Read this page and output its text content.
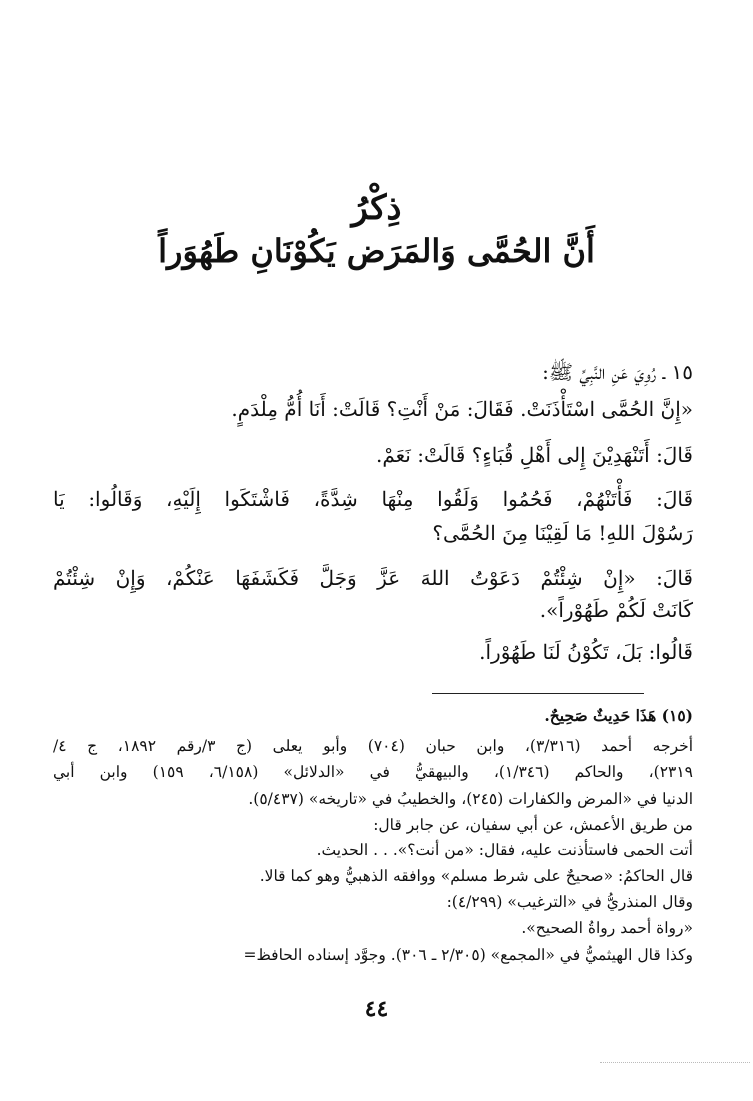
ذِكْرُ
أَنَّ الحُمَّى وَالمَرَض يَكُوْنَانِ طَهُوَراً
١٥ ـ رُوِيَ عَنِ النَّبِيِّ ﷺ:
«إِنَّ الحُمَّى اسْتَأْذَنَتْ. فَقَالَ: مَنْ أَنْتِ؟ قَالَتْ: أَنَا أُمُّ مِلْدَمٍ.
قَالَ: أَتَنْهَدِيْنَ إِلى أَهْلِ قُبَاءٍ؟ قَالَتْ: نَعَمْ.
قَالَ: فَأْتَنْهُمْ، فَحُمُوا وَلَقُوا مِنْهَا شِدَّةً، فَاشْتَكَوا إِلَيْهِ، وَقَالُوا: يَا
رَسُوْلَ اللهِ! مَا لَقِيْنَا مِنَ الحُمَّى؟
قَالَ: «إِنْ شِئْتُمْ دَعَوْتُ اللهَ عَزَّ وَجَلَّ فَكَشَفَهَا عَنْكُمْ، وَإِنْ شِئْتُمْ
كَانَتْ لَكُمْ طَهُوْراً».
قَالُوا: بَلَ، تَكُوْنُ لَنَا طَهُوْراً.
(١٥) هَذَا حَدِيثٌ صَحِيحٌ.
أخرجه أحمد (٣/٣١٦)، وابن حبان (٧٠٤) وأبو يعلى (ج ٣/رقم ١٨٩٢، ج ٤/
٢٣١٩)، والحاكم (١/٣٤٦)، والبيهقيُّ في «الدلائل» (٦/١٥٨، ١٥٩) وابن أبي
الدنيا في «المرض والكفارات (٢٤٥)، والخطيبُ في «تاريخه» (٥/٤٣٧).
من طريق الأعمش، عن أبي سفيان، عن جابر قال:
أتت الحمى فاستأذنت عليه، فقال: «من أنت؟». . . الحديث.
قال الحاكمُ: «صحيحٌ على شرط مسلم» ووافقه الذهبيُّ وهو كما قالا.
وقال المنذريُّ في «الترغيب» (٤/٢٩٩):
«رواة أحمد رواةُ الصحيح».
وكذا قال الهيثميُّ في «المجمع» (٢/٣٠٥ ـ ٣٠٦). وجوَّد إسناده الحافظ=
٤٤
